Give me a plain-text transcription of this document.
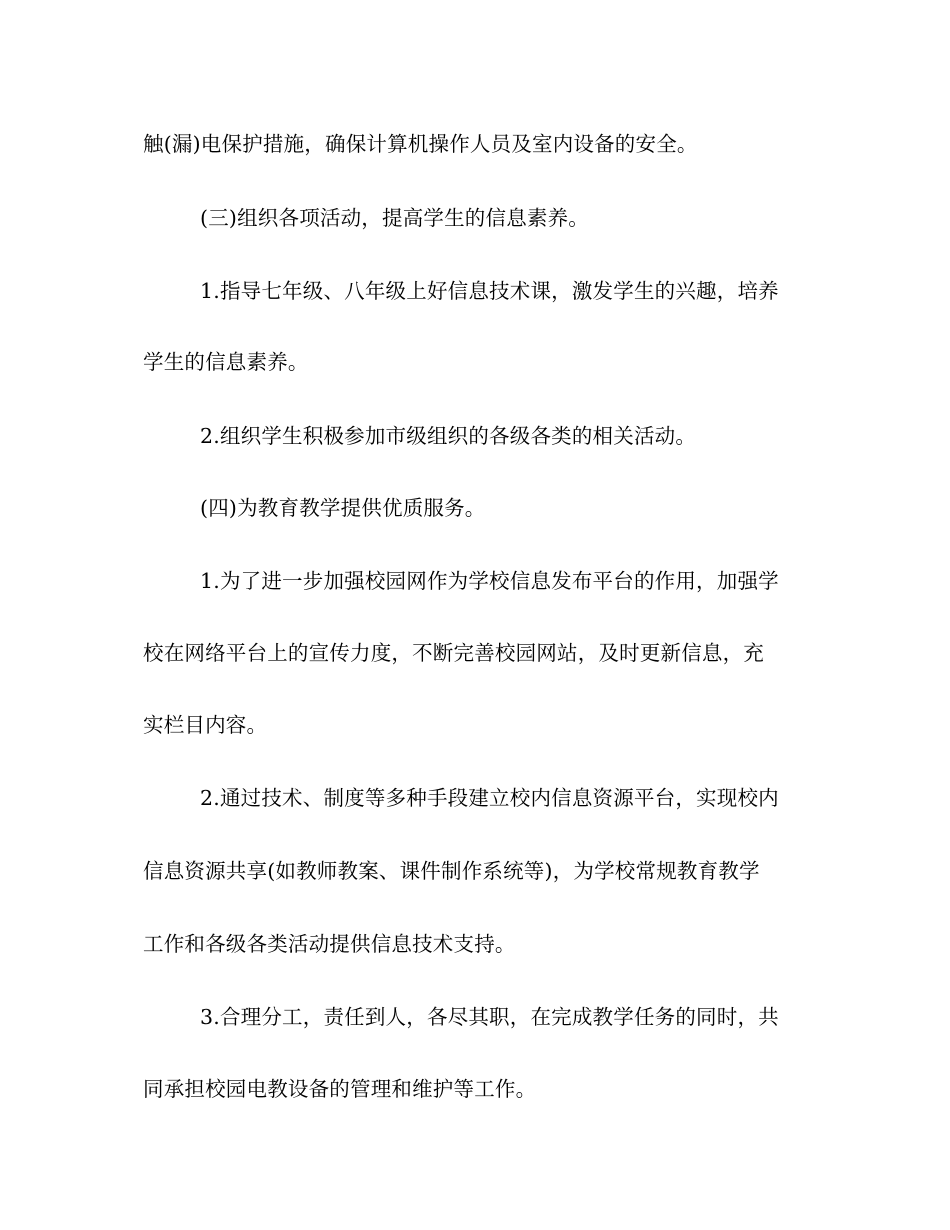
触(漏)电保护措施，确保计算机操作人员及室内设备的安全。
(三)组织各项活动，提高学生的信息素养。
1.指导七年级、八年级上好信息技术课，激发学生的兴趣，培养
学生的信息素养。
2.组织学生积极参加市级组织的各级各类的相关活动。
(四)为教育教学提供优质服务。
1.为了进一步加强校园网作为学校信息发布平台的作用，加强学
校在网络平台上的宣传力度，不断完善校园网站，及时更新信息，充
实栏目内容。
2.通过技术、制度等多种手段建立校内信息资源平台，实现校内
信息资源共享(如教师教案、课件制作系统等)，为学校常规教育教学
工作和各级各类活动提供信息技术支持。
3.合理分工，责任到人，各尽其职，在完成教学任务的同时，共
同承担校园电教设备的管理和维护等工作。
